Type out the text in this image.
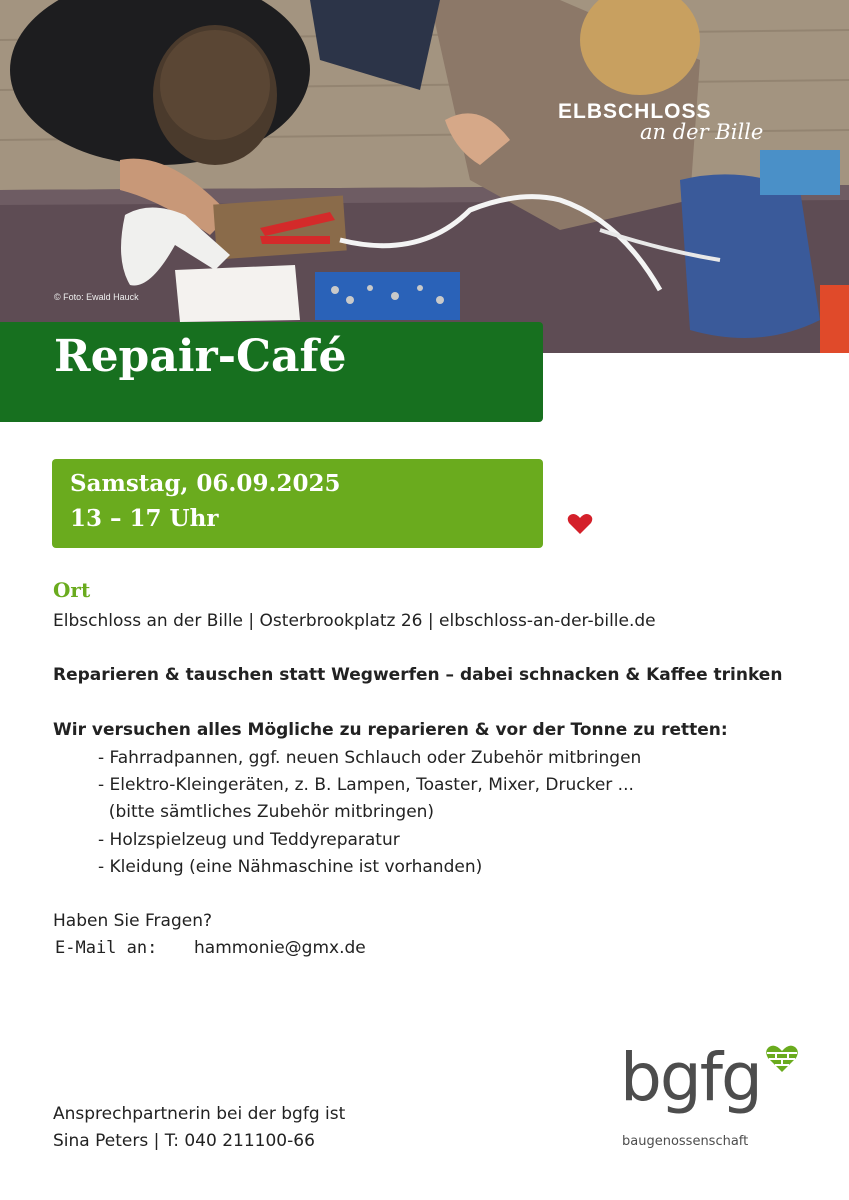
© Foto: Ewald Hauck
ELBSCHLOSS
an der Bille
Repair-Café
Samstag, 06.09.2025
13 – 17 Uhr
Ort
Elbschloss an der Bille | Osterbrookplatz 26 | elbschloss-an-der-bille.de
Reparieren & tauschen statt Wegwerfen – dabei schnacken & Kaffee trinken
Wir versuchen alles Mögliche zu reparieren & vor der Tonne zu retten:
- Fahrradpannen, ggf. neuen Schlauch oder Zubehör mitbringen
- Elektro-Kleingeräten, z. B. Lampen, Toaster, Mixer, Drucker ...
(bitte sämtliches Zubehör mitbringen)
- Holzspielzeug und Teddyreparatur
- Kleidung (eine Nähmaschine ist vorhanden)
Haben Sie Fragen?
E-Mail an: hammonie@gmx.de
Ansprechpartnerin bei der bgfg ist
Sina Peters | T: 040 211100-66
bgfg
baugenossenschaft
